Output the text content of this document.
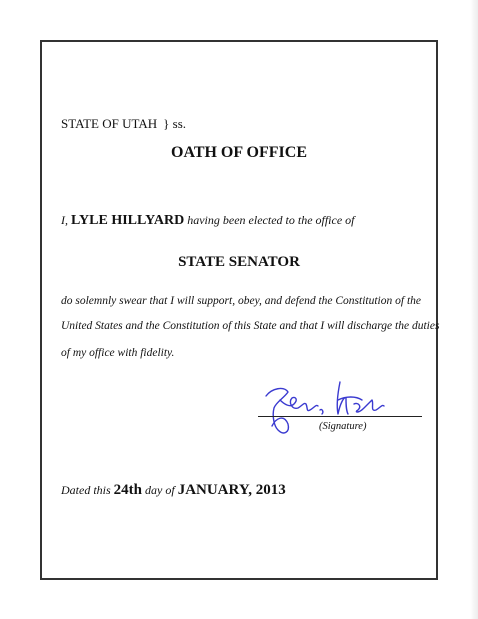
STATE OF UTAH } ss.
OATH OF OFFICE
I, LYLE HILLYARD having been elected to the office of
STATE SENATOR
do solemnly swear that I will support, obey, and defend the Constitution of the
United States and the Constitution of this State and that I will discharge the duties
of my office with fidelity.
(Signature)
Dated this 24th day of JANUARY, 2013
